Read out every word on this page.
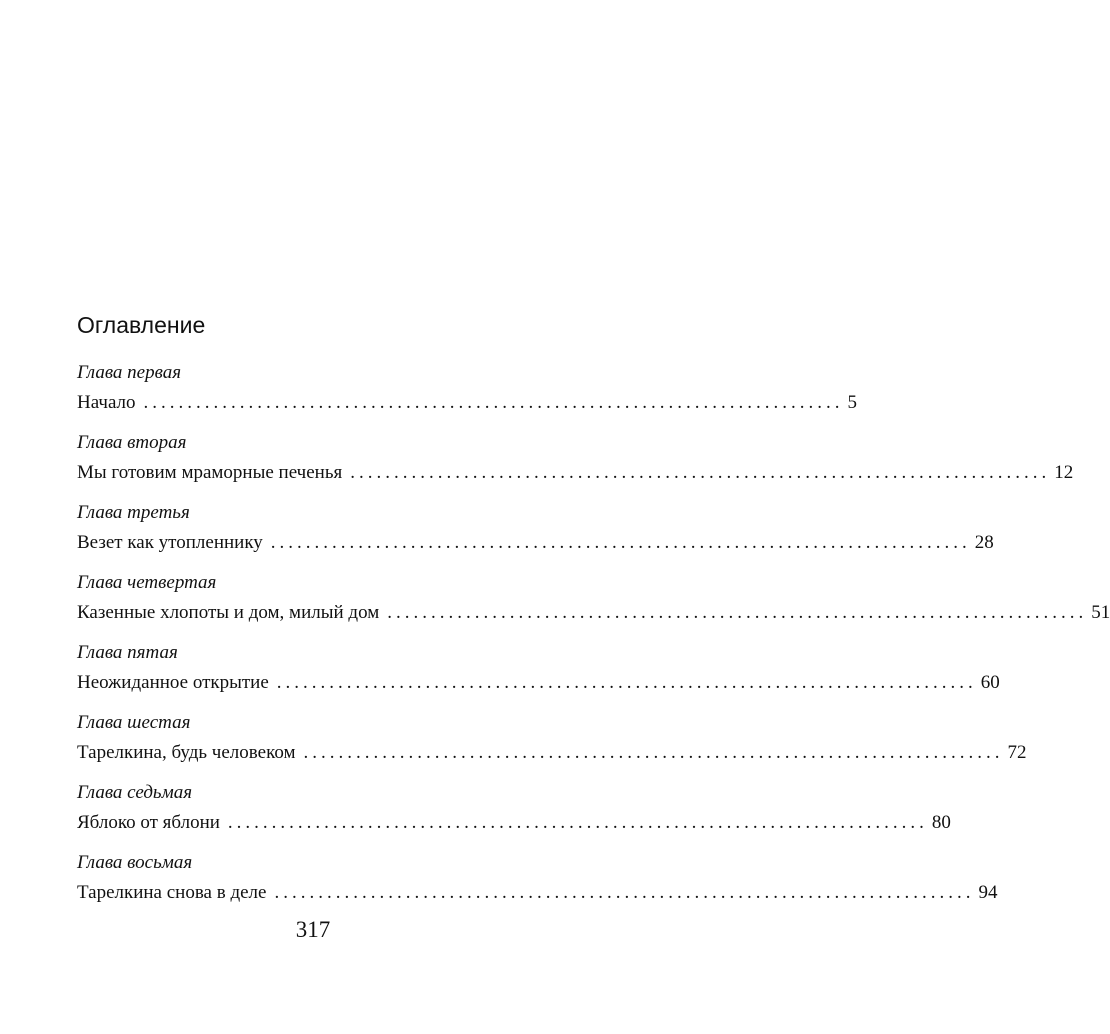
Оглавление
Глава первая
Начало ................................................................................ 5
Глава вторая
Мы готовим мраморные печенья ................................................................................ 12
Глава третья
Везет как утопленнику ................................................................................ 28
Глава четвертая
Казенные хлопоты и дом, милый дом ................................................................................ 51
Глава пятая
Неожиданное открытие ................................................................................ 60
Глава шестая
Тарелкина, будь человеком ................................................................................ 72
Глава седьмая
Яблоко от яблони ................................................................................ 80
Глава восьмая
Тарелкина снова в деле ................................................................................ 94
317
